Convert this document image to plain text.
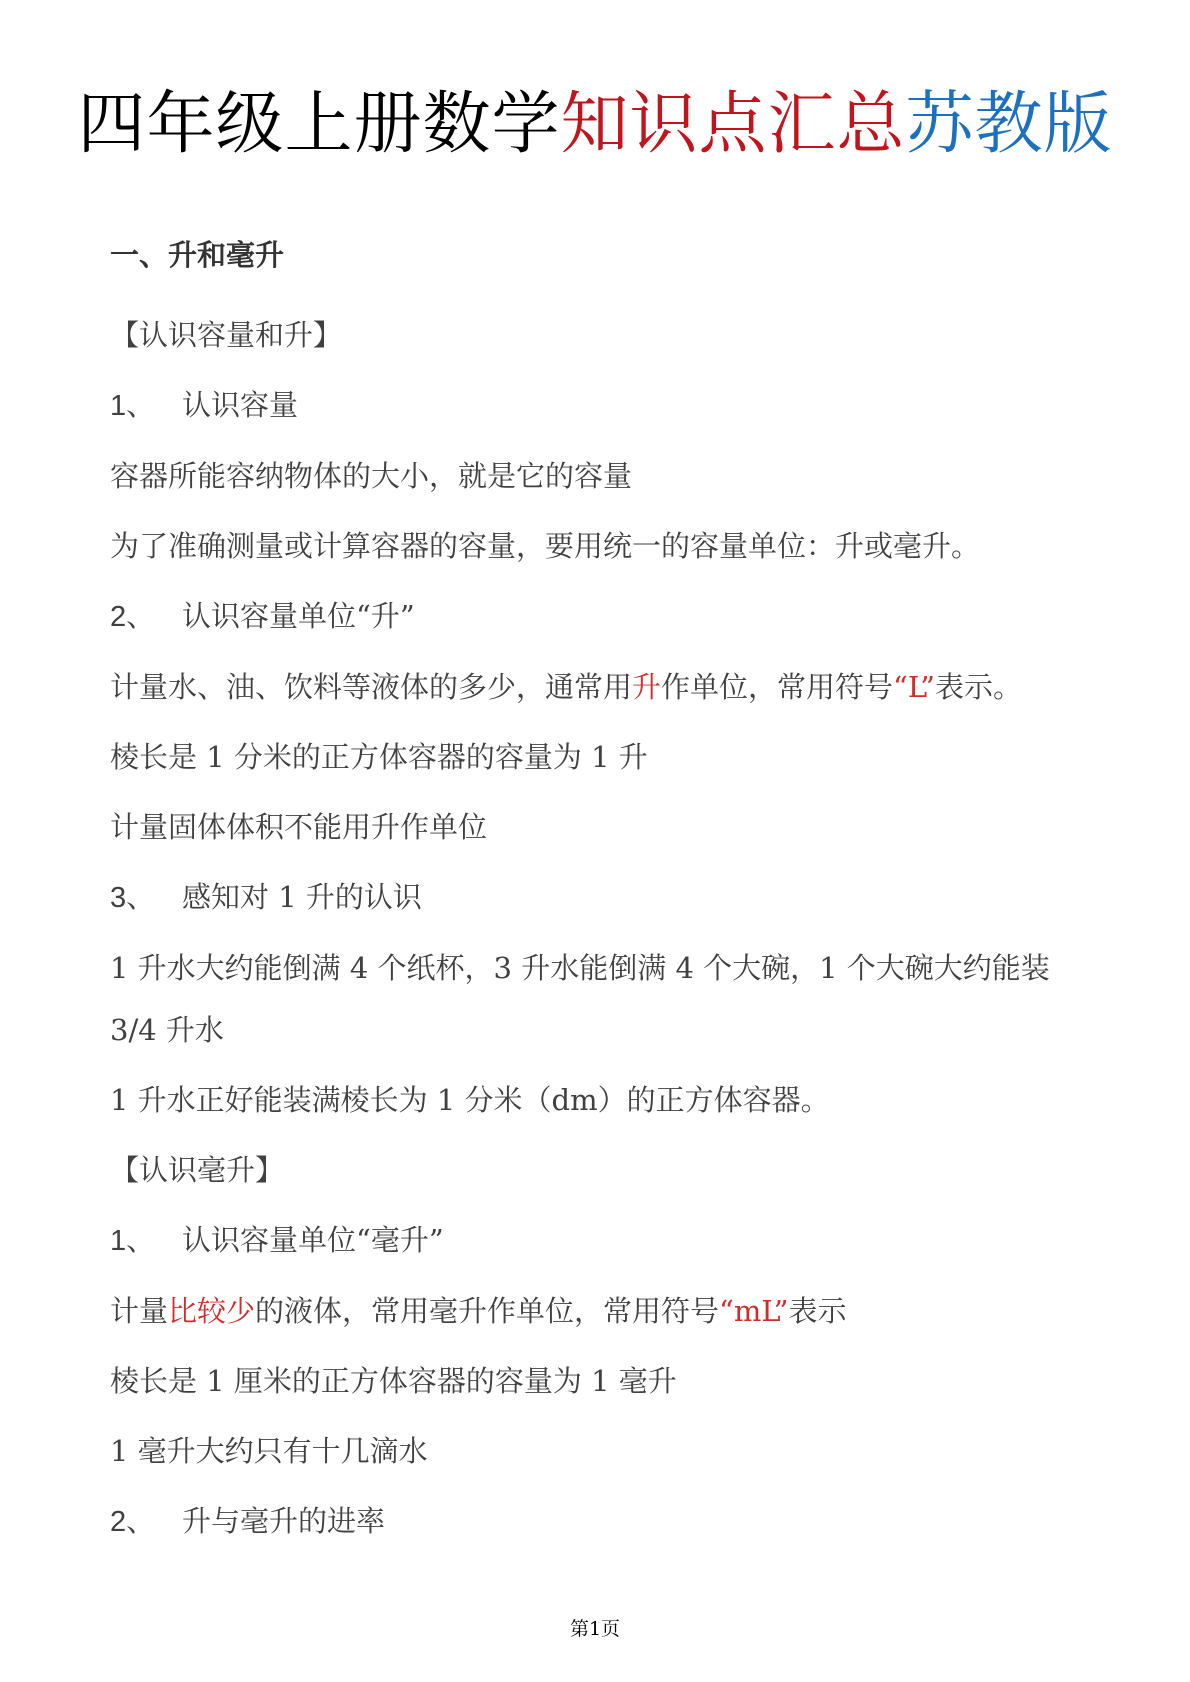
四年级上册数学知识点汇总苏教版

一、升和毫升

【认识容量和升】

1、 认识容量

容器所能容纳物体的大小，就是它的容量

为了准确测量或计算容器的容量，要用统一的容量单位：升或毫升。

2、 认识容量单位“升”

计量水、油、饮料等液体的多少，通常用升作单位，常用符号“L”表示。

棱长是 1 分米的正方体容器的容量为 1 升

计量固体体积不能用升作单位

3、 感知对 1 升的认识

1 升水大约能倒满 4 个纸杯，3 升水能倒满 4 个大碗，1 个大碗大约能装 3/4 升水

1 升水正好能装满棱长为 1 分米（dm）的正方体容器。

【认识毫升】

1、 认识容量单位“毫升”

计量比较少的液体，常用毫升作单位，常用符号“mL”表示

棱长是 1 厘米的正方体容器的容量为 1 毫升

1 毫升大约只有十几滴水

2、 升与毫升的进率

第1页
